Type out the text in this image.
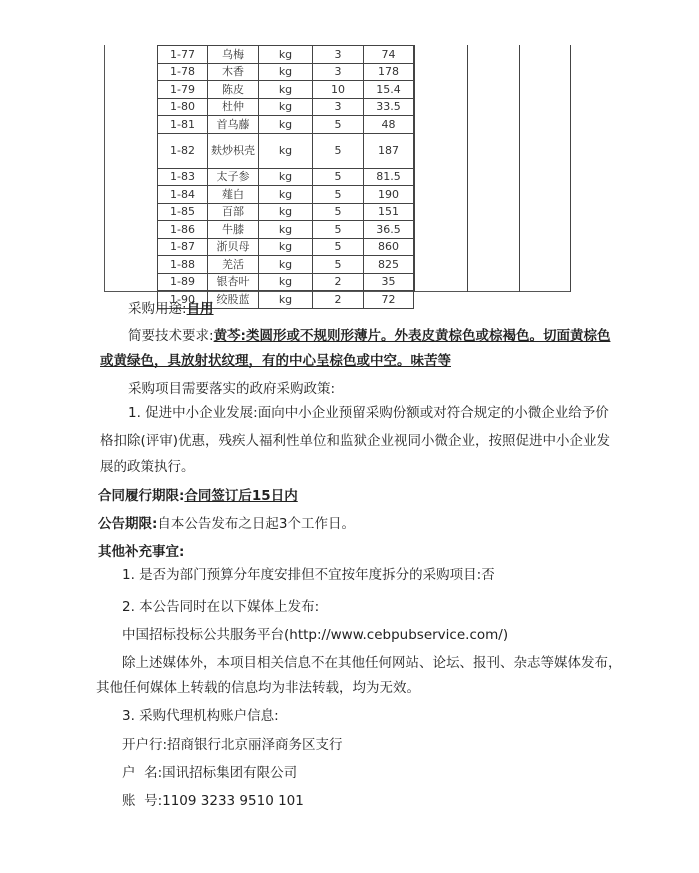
1-77	乌梅	kg	3	74
1-78	木香	kg	3	178
1-79	陈皮	kg	10	15.4
1-80	杜仲	kg	3	33.5
1-81	首乌藤	kg	5	48
1-82	麸炒枳壳	kg	5	187
1-83	太子参	kg	5	81.5
1-84	薤白	kg	5	190
1-85	百部	kg	5	151
1-86	牛膝	kg	5	36.5
1-87	浙贝母	kg	5	860
1-88	羌活	kg	5	825
1-89	银杏叶	kg	2	35
1-90	绞股蓝	kg	2	72
采购用途:自用
简要技术要求:黄芩:类圆形或不规则形薄片。外表皮黄棕色或棕褐色。切面黄棕色
或黄绿色，具放射状纹理，有的中心呈棕色或中空。味苦等
采购项目需要落实的政府采购政策:
1. 促进中小企业发展:面向中小企业预留采购份额或对符合规定的小微企业给予价
格扣除(评审)优惠，残疾人福利性单位和监狱企业视同小微企业，按照促进中小企业发
展的政策执行。
合同履行期限:合同签订后15日内
公告期限:自本公告发布之日起3个工作日。
其他补充事宜:
1. 是否为部门预算分年度安排但不宜按年度拆分的采购项目:否
2. 本公告同时在以下媒体上发布:
中国招标投标公共服务平台(http://www.cebpubservice.com/)
除上述媒体外，本项目相关信息不在其他任何网站、论坛、报刊、杂志等媒体发布，
其他任何媒体上转载的信息均为非法转载，均为无效。
3. 采购代理机构账户信息:
开户行:招商银行北京丽泽商务区支行
户  名:国讯招标集团有限公司
账  号:1109 3233 9510 101
